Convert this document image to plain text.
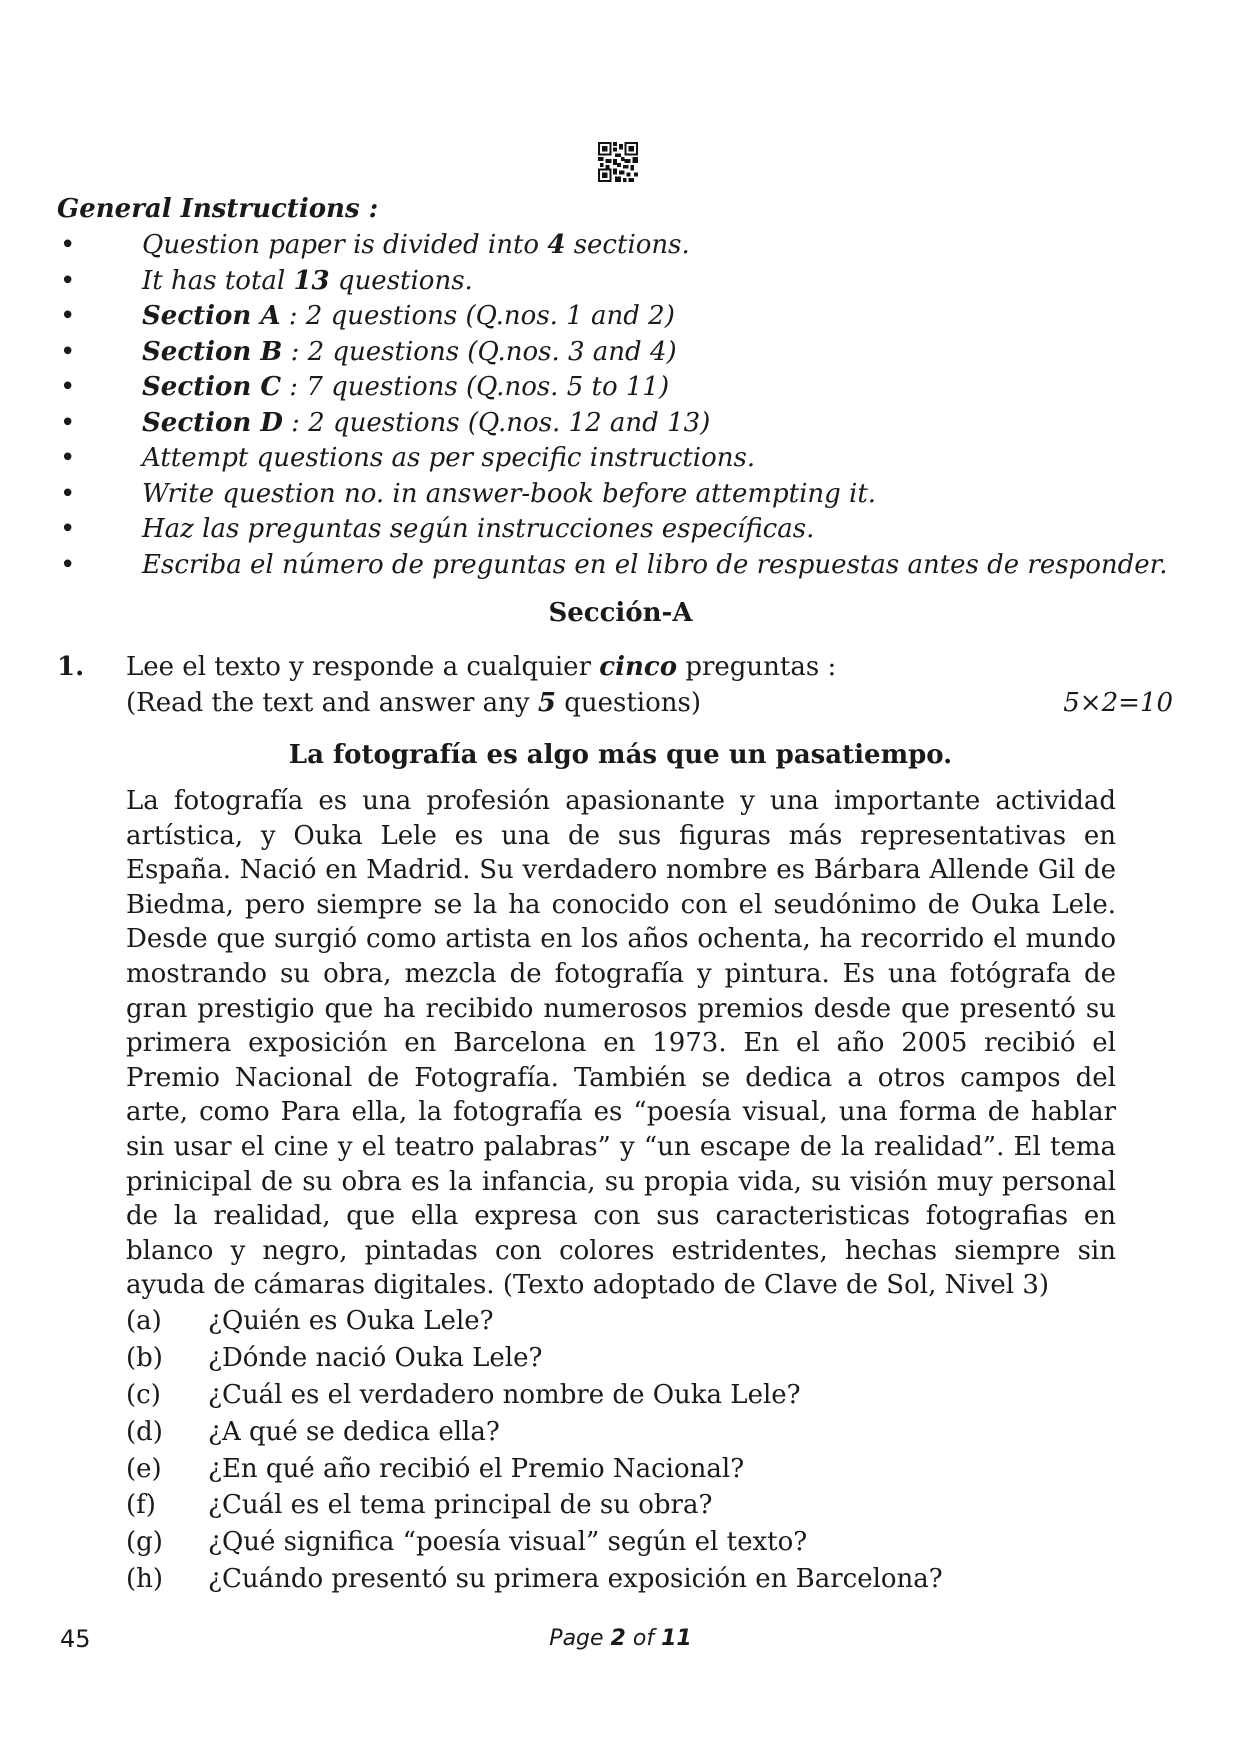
General Instructions :
•	Question paper is divided into 4 sections.
•	It has total 13 questions.
•	Section A : 2 questions (Q.nos. 1 and 2)
•	Section B : 2 questions (Q.nos. 3 and 4)
•	Section C : 7 questions (Q.nos. 5 to 11)
•	Section D : 2 questions (Q.nos. 12 and 13)
•	Attempt questions as per specific instructions.
•	Write question no. in answer-book before attempting it.
•	Haz las preguntas según instrucciones específicas.
•	Escriba el número de preguntas en el libro de respuestas antes de responder.
Sección-A
1. Lee el texto y responde a cualquier cinco preguntas :
(Read the text and answer any 5 questions)	5×2=10
La fotografía es algo más que un pasatiempo.

La fotografía es una profesión apasionante y una importante actividad artística, y Ouka Lele es una de sus figuras más representativas en España. Nació en Madrid. Su verdadero nombre es Bárbara Allende Gil de Biedma, pero siempre se la ha conocido con el seudónimo de Ouka Lele. Desde que surgió como artista en los años ochenta, ha recorrido el mundo mostrando su obra, mezcla de fotografía y pintura. Es una fotógrafa de gran prestigio que ha recibido numerosos premios desde que presentó su primera exposición en Barcelona en 1973. En el año 2005 recibió el Premio Nacional de Fotografía. También se dedica a otros campos del arte, como Para ella, la fotografía es “poesía visual, una forma de hablar sin usar el cine y el teatro palabras” y “un escape de la realidad”. El tema prinicipal de su obra es la infancia, su propia vida, su visión muy personal de la realidad, que ella expresa con sus caracteristicas fotografias en blanco y negro, pintadas con colores estridentes, hechas siempre sin ayuda de cámaras digitales. (Texto adoptado de Clave de Sol, Nivel 3)

(a) ¿Quién es Ouka Lele?
(b) ¿Dónde nació Ouka Lele?
(c) ¿Cuál es el verdadero nombre de Ouka Lele?
(d) ¿A qué se dedica ella?
(e) ¿En qué año recibió el Premio Nacional?
(f) ¿Cuál es el tema principal de su obra?
(g) ¿Qué significa “poesía visual” según el texto?
(h) ¿Cuándo presentó su primera exposición en Barcelona?
45	Page 2 of 11
